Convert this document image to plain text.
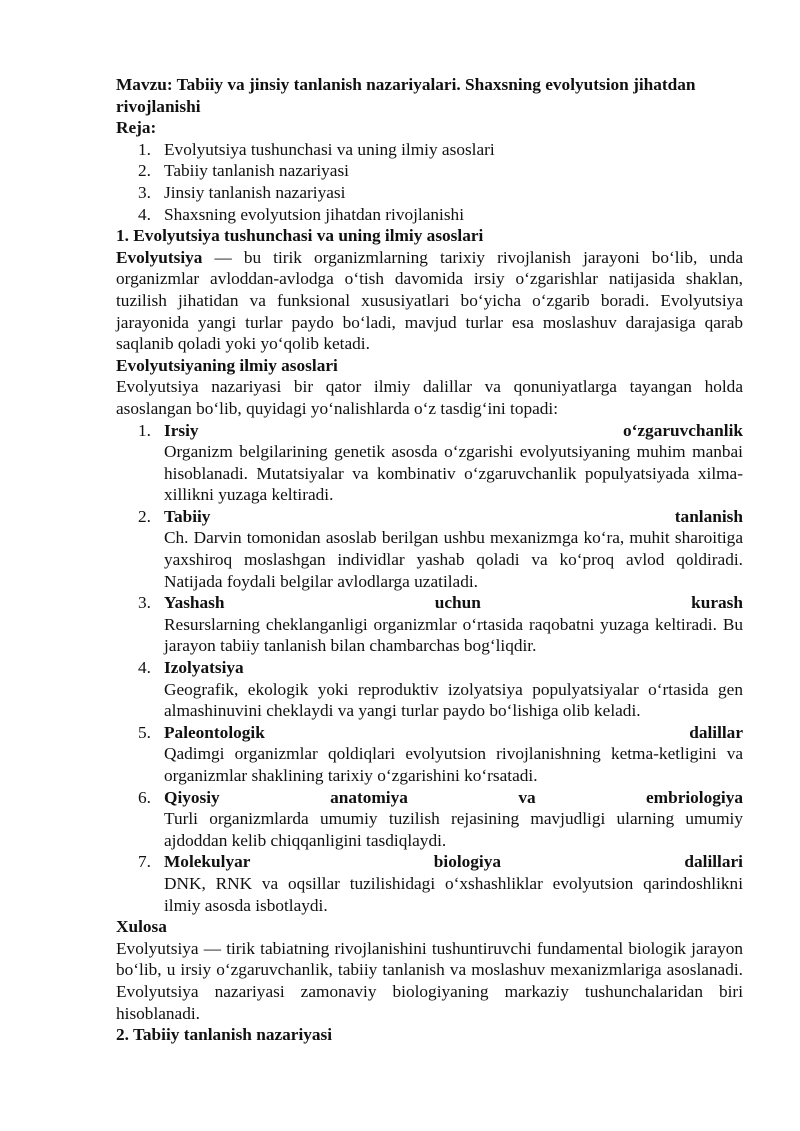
Mavzu: Tabiiy va jinsiy tanlanish nazariyalari. Shaxsning evolyutsion jihatdan rivojlanishi

Reja:

1. Evolyutsiya tushunchasi va uning ilmiy asoslari
2. Tabiiy tanlanish nazariyasi
3. Jinsiy tanlanish nazariyasi
4. Shaxsning evolyutsion jihatdan rivojlanishi

1. Evolyutsiya tushunchasi va uning ilmiy asoslari

Evolyutsiya — bu tirik organizmlarning tarixiy rivojlanish jarayoni bo‘lib, unda organizmlar avloddan-avlodga o‘tish davomida irsiy o‘zgarishlar natijasida shaklan, tuzilish jihatidan va funksional xususiyatlari bo‘yicha o‘zgarib boradi. Evolyutsiya jarayonida yangi turlar paydo bo‘ladi, mavjud turlar esa moslashuv darajasiga qarab saqlanib qoladi yoki yo‘qolib ketadi.

Evolyutsiyaning ilmiy asoslari

Evolyutsiya nazariyasi bir qator ilmiy dalillar va qonuniyatlarga tayangan holda asoslangan bo‘lib, quyidagi yo‘nalishlarda o‘z tasdig‘ini topadi:

1. Irsiy	o‘zgaruvchanlik
Organizm belgilarining genetik asosda o‘zgarishi evolyutsiyaning muhim manbai hisoblanadi. Mutatsiyalar va kombinativ o‘zgaruvchanlik populyatsiyada xilma-xillikni yuzaga keltiradi.
2. Tabiiy	tanlanish
Ch. Darvin tomonidan asoslab berilgan ushbu mexanizmga ko‘ra, muhit sharoitiga yaxshiroq moslashgan individlar yashab qoladi va ko‘proq avlod qoldiradi. Natijada foydali belgilar avlodlarga uzatiladi.
3. Yashash	uchun	kurash
Resurslarning cheklanganligi organizmlar o‘rtasida raqobatni yuzaga keltiradi. Bu jarayon tabiiy tanlanish bilan chambarchas bog‘liqdir.
4. Izolyatsiya
Geografik, ekologik yoki reproduktiv izolyatsiya populyatsiyalar o‘rtasida gen almashinuvini cheklaydi va yangi turlar paydo bo‘lishiga olib keladi.
5. Paleontologik	dalillar
Qadimgi organizmlar qoldiqlari evolyutsion rivojlanishning ketma-ketligini va organizmlar shaklining tarixiy o‘zgarishini ko‘rsatadi.
6. Qiyosiy	anatomiya	va	embriologiya
Turli organizmlarda umumiy tuzilish rejasining mavjudligi ularning umumiy ajdoddan kelib chiqqanligini tasdiqlaydi.
7. Molekulyar	biologiya	dalillari
DNK, RNK va oqsillar tuzilishidagi o‘xshashliklar evolyutsion qarindoshlikni ilmiy asosda isbotlaydi.

Xulosa

Evolyutsiya — tirik tabiatning rivojlanishini tushuntiruvchi fundamental biologik jarayon bo‘lib, u irsiy o‘zgaruvchanlik, tabiiy tanlanish va moslashuv mexanizmlariga asoslanadi. Evolyutsiya nazariyasi zamonaviy biologiyaning markaziy tushunchalaridan biri hisoblanadi.

2. Tabiiy tanlanish nazariyasi
